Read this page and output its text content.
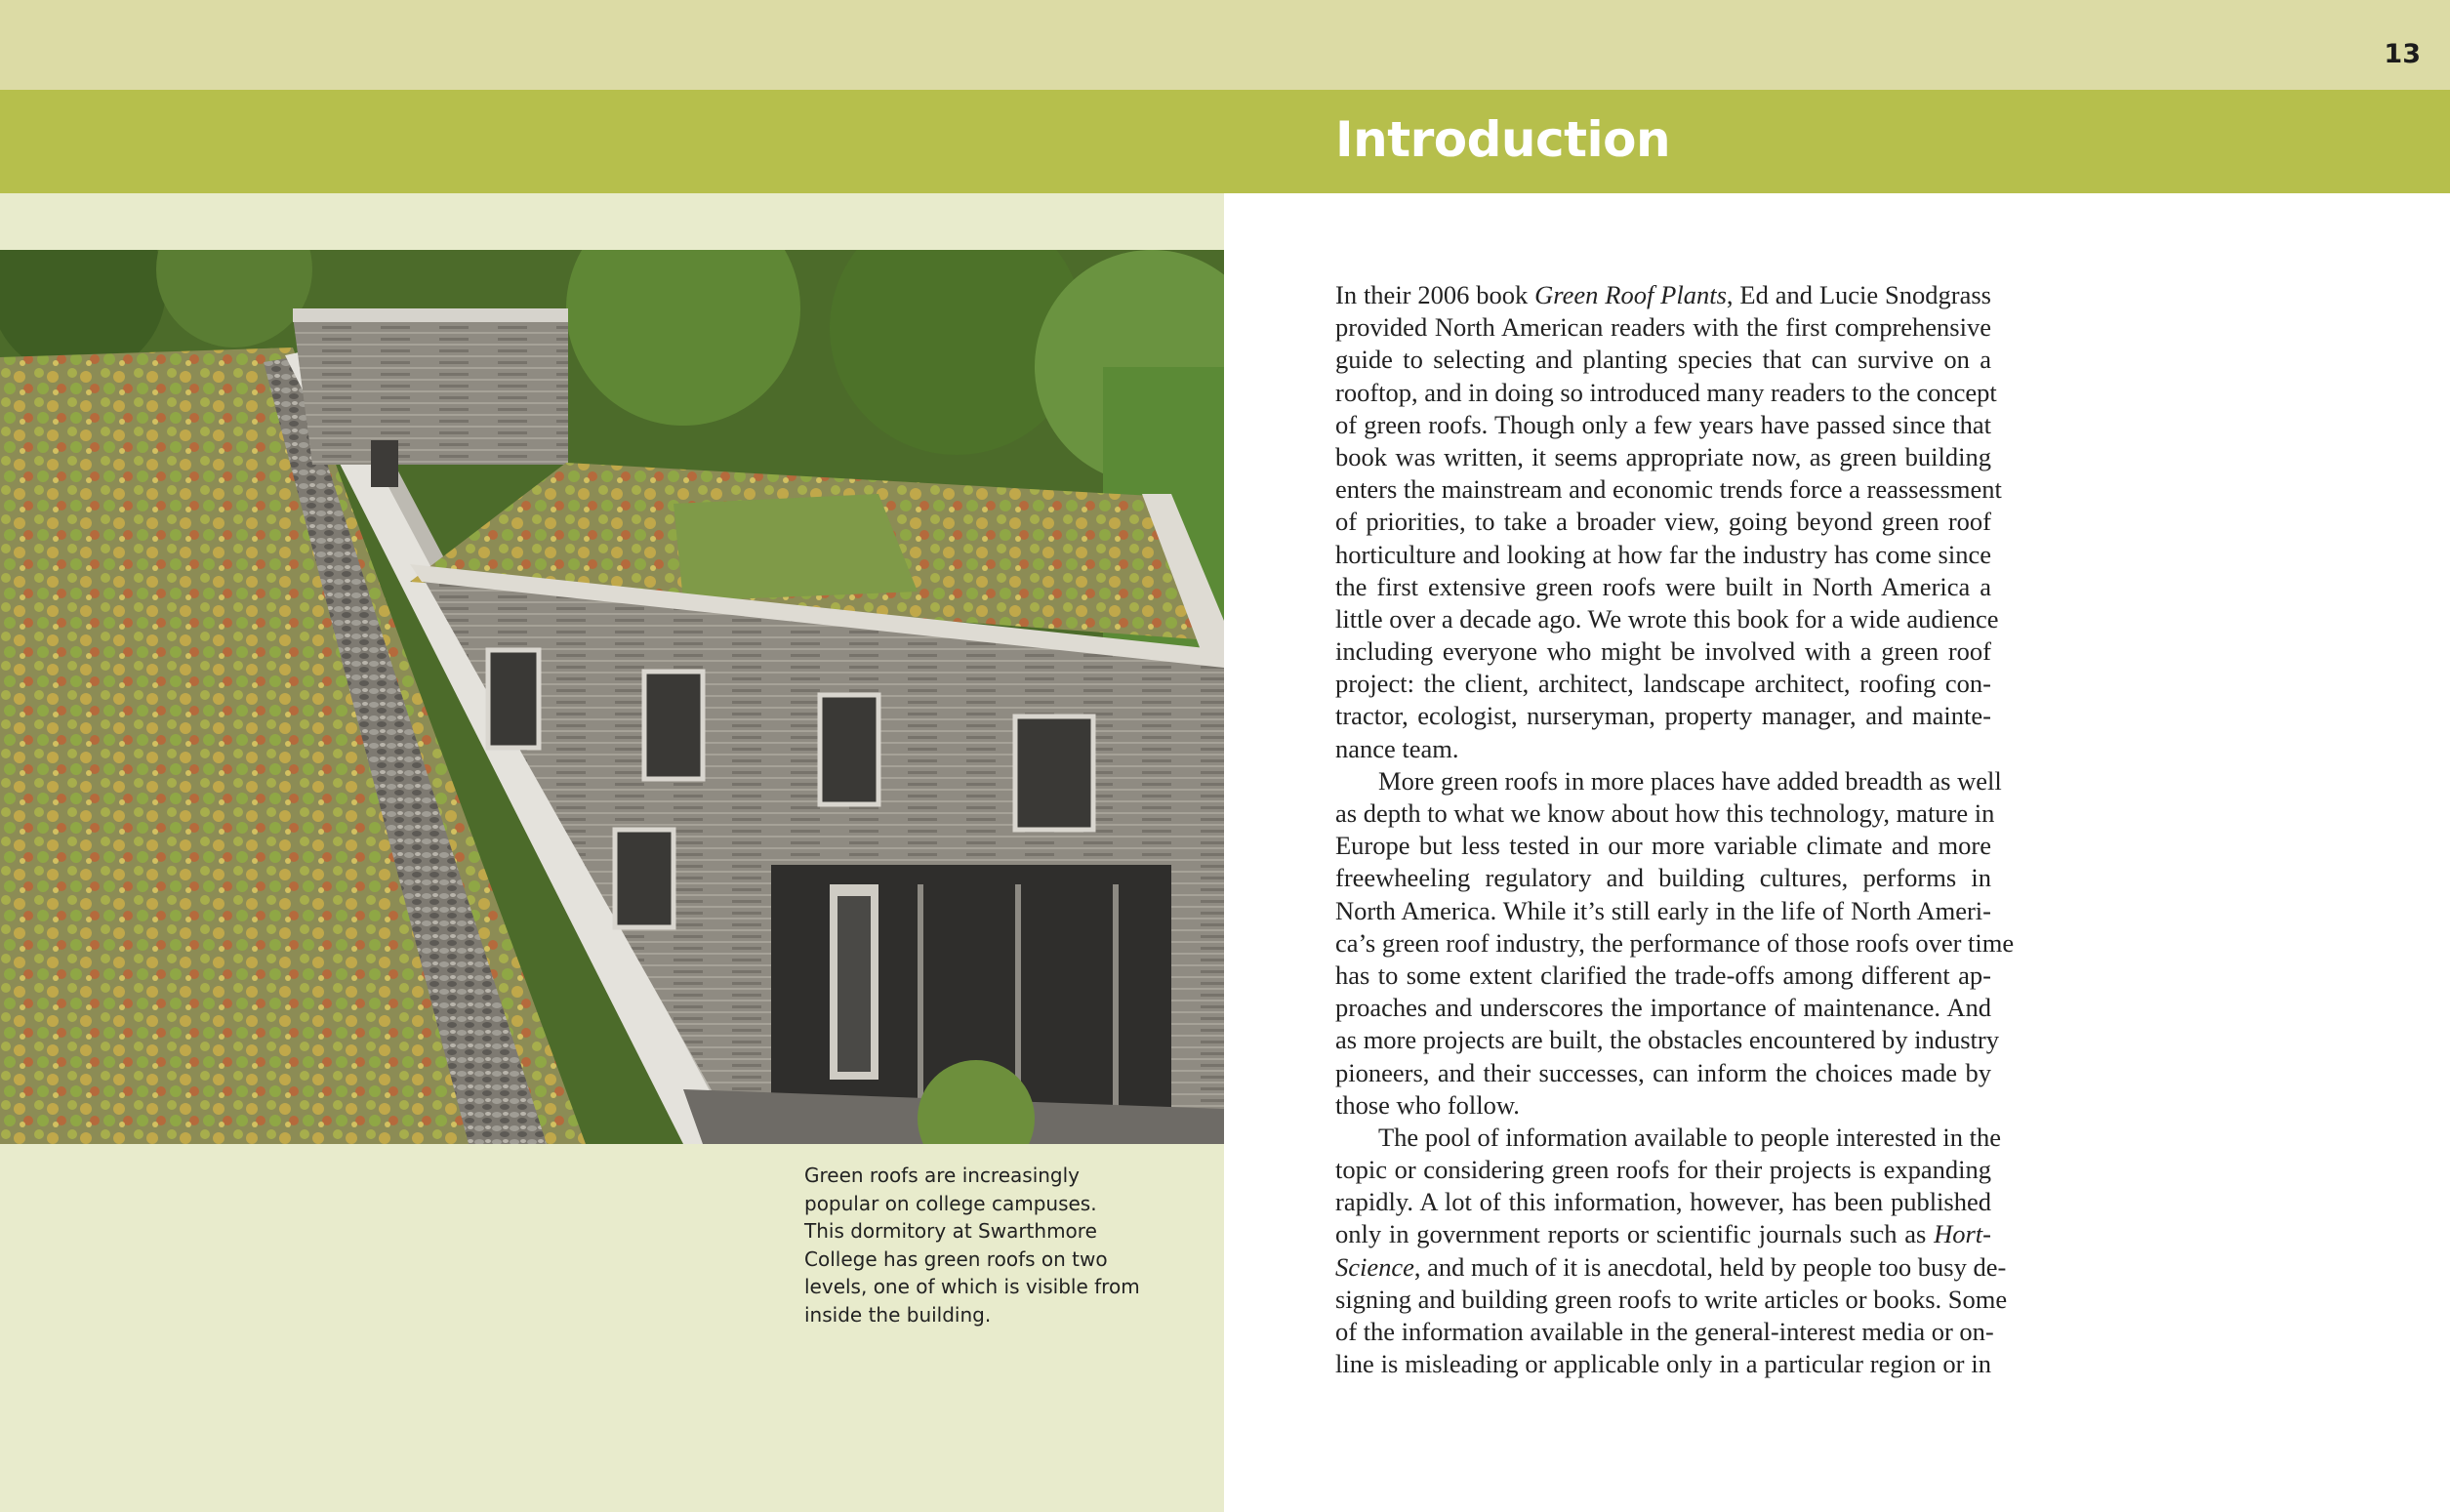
13
Introduction
Green roofs are increasingly
popular on college campuses.
This dormitory at Swarthmore
College has green roofs on two
levels, one of which is visible from
inside the building.
In their 2006 book Green Roof Plants, Ed and Lucie Snodgrass
provided North American readers with the first comprehensive
guide to selecting and planting species that can survive on a
rooftop, and in doing so introduced many readers to the concept
of green roofs. Though only a few years have passed since that
book was written, it seems appropriate now, as green building
enters the mainstream and economic trends force a reassessment
of priorities, to take a broader view, going beyond green roof
horticulture and looking at how far the industry has come since
the first extensive green roofs were built in North America a
little over a decade ago. We wrote this book for a wide audience
including everyone who might be involved with a green roof
project: the client, architect, landscape architect, roofing con-
tractor, ecologist, nurseryman, property manager, and mainte-
nance team.
More green roofs in more places have added breadth as well
as depth to what we know about how this technology, mature in
Europe but less tested in our more variable climate and more
freewheeling regulatory and building cultures, performs in
North America. While it’s still early in the life of North Ameri-
ca’s green roof industry, the performance of those roofs over time
has to some extent clarified the trade-offs among different ap-
proaches and underscores the importance of maintenance. And
as more projects are built, the obstacles encountered by industry
pioneers, and their successes, can inform the choices made by
those who follow.
The pool of information available to people interested in the
topic or considering green roofs for their projects is expanding
rapidly. A lot of this information, however, has been published
only in government reports or scientific journals such as Hort-
Science, and much of it is anecdotal, held by people too busy de-
signing and building green roofs to write articles or books. Some
of the information available in the general-interest media or on-
line is misleading or applicable only in a particular region or in
